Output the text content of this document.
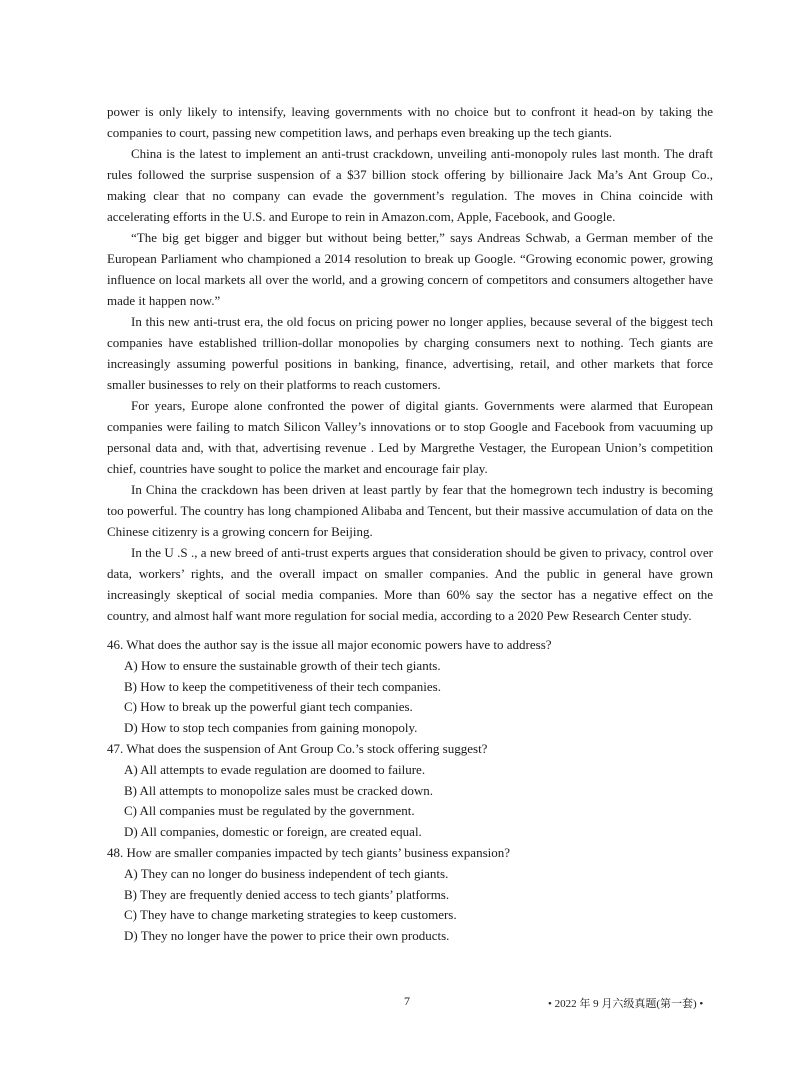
power is only likely to intensify, leaving governments with no choice but to confront it head-on by taking the companies to court, passing new competition laws, and perhaps even breaking up the tech giants.

China is the latest to implement an anti-trust crackdown, unveiling anti-monopoly rules last month. The draft rules followed the surprise suspension of a $37 billion stock offering by billionaire Jack Ma’s Ant Group Co., making clear that no company can evade the government’s regulation. The moves in China coincide with accelerating efforts in the U.S. and Europe to rein in Amazon.com, Apple, Facebook, and Google.

“The big get bigger and bigger but without being better,” says Andreas Schwab, a German member of the European Parliament who championed a 2014 resolution to break up Google. “Growing economic power, growing influence on local markets all over the world, and a growing concern of competitors and consumers altogether have made it happen now.”

In this new anti-trust era, the old focus on pricing power no longer applies, because several of the biggest tech companies have established trillion-dollar monopolies by charging consumers next to nothing. Tech giants are increasingly assuming powerful positions in banking, finance, advertising, retail, and other markets that force smaller businesses to rely on their platforms to reach customers.

For years, Europe alone confronted the power of digital giants. Governments were alarmed that European companies were failing to match Silicon Valley’s innovations or to stop Google and Facebook from vacuuming up personal data and, with that, advertising revenue . Led by Margrethe Vestager, the European Union’s competition chief, countries have sought to police the market and encourage fair play.

In China the crackdown has been driven at least partly by fear that the homegrown tech industry is becoming too powerful. The country has long championed Alibaba and Tencent, but their massive accumulation of data on the Chinese citizenry is a growing concern for Beijing.

In the U .S ., a new breed of anti-trust experts argues that consideration should be given to privacy, control over data, workers’ rights, and the overall impact on smaller companies. And the public in general have grown increasingly skeptical of social media companies. More than 60% say the sector has a negative effect on the country, and almost half want more regulation for social media, according to a 2020 Pew Research Center study.

46. What does the author say is the issue all major economic powers have to address?

A) How to ensure the sustainable growth of their tech giants.

B) How to keep the competitiveness of their tech companies.

C) How to break up the powerful giant tech companies.

D) How to stop tech companies from gaining monopoly.

47. What does the suspension of Ant Group Co.’s stock offering suggest?

A) All attempts to evade regulation are doomed to failure.

B) All attempts to monopolize sales must be cracked down.

C) All companies must be regulated by the government.

D) All companies, domestic or foreign, are created equal.

48. How are smaller companies impacted by tech giants’ business expansion?

A) They can no longer do business independent of tech giants.

B) They are frequently denied access to tech giants’ platforms.

C) They have to change marketing strategies to keep customers.

D) They no longer have the power to price their own products.

7	• 2022 年 9 月六级真题(第一套) •
